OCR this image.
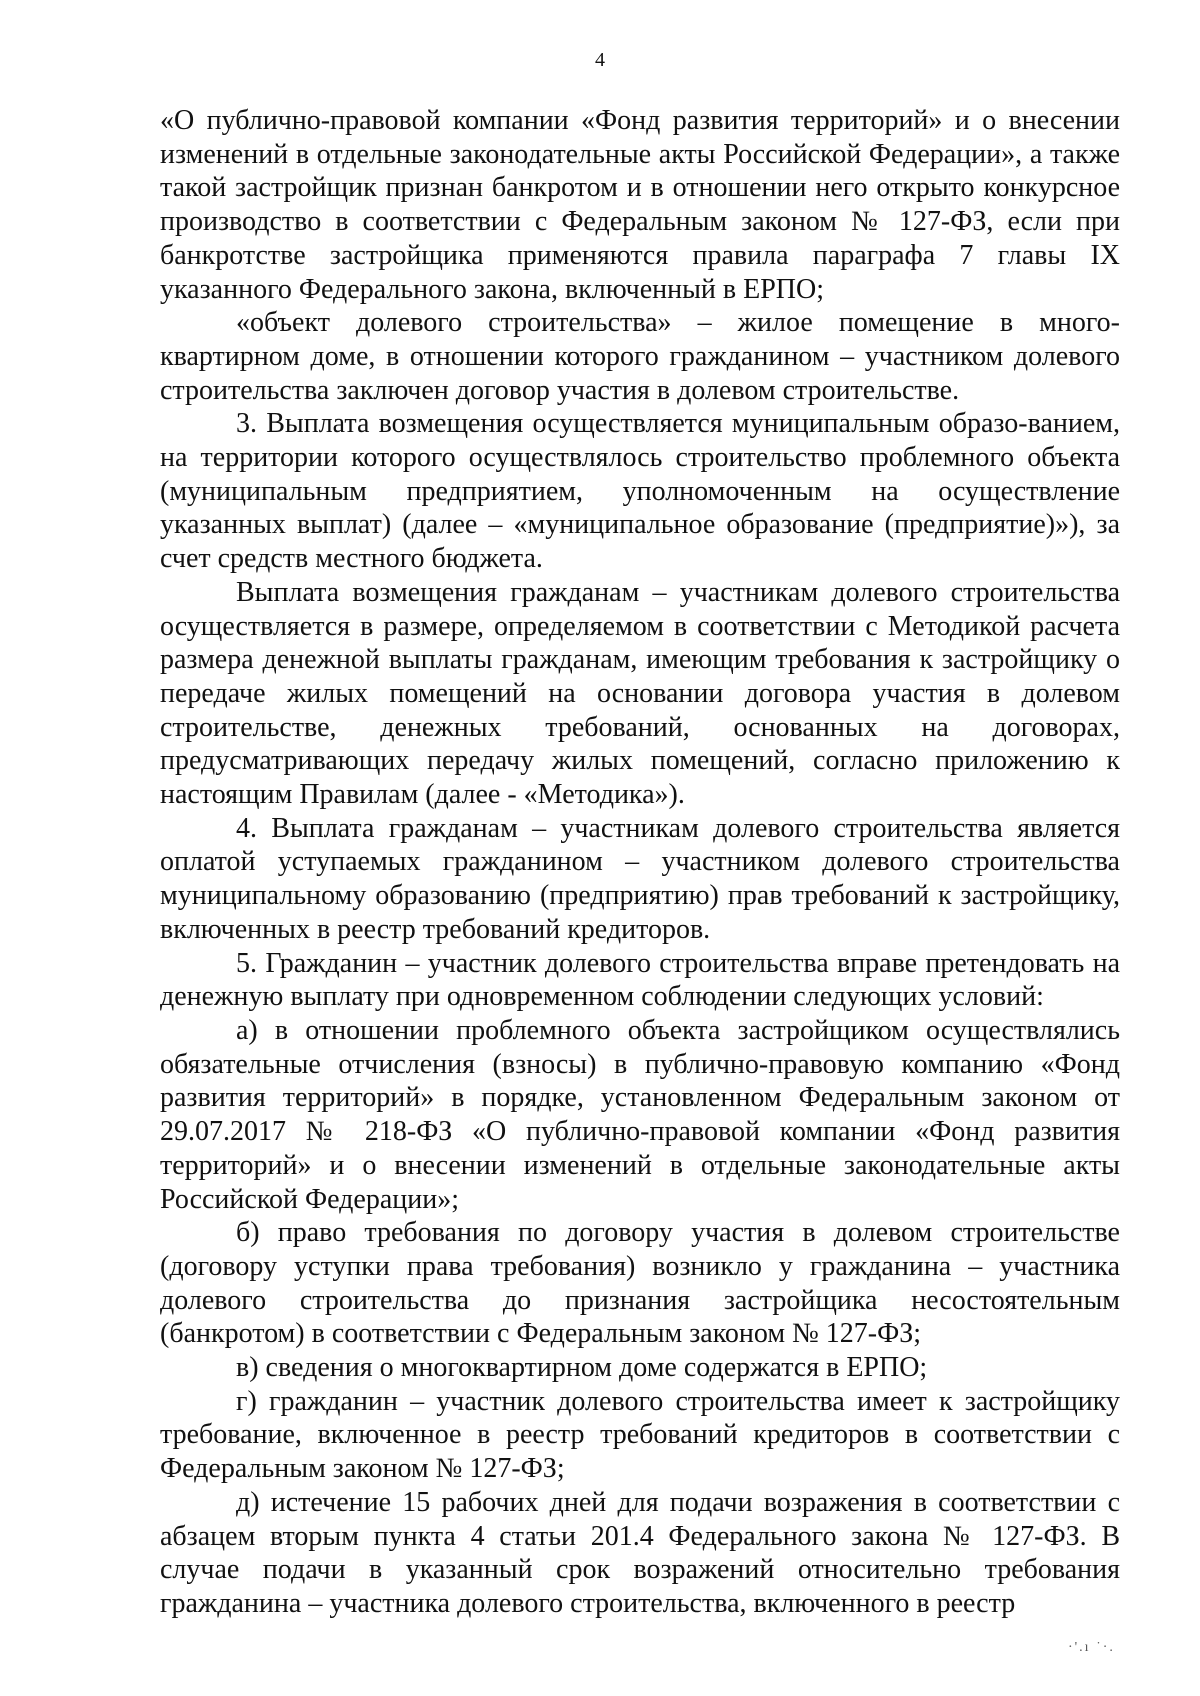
4

«О публично-правовой компании «Фонд развития территорий» и о внесении изменений в отдельные законодательные акты Российской Федерации», а также такой застройщик признан банкротом и в отношении него открыто конкурсное производство в соответствии с Федеральным законом № 127-ФЗ, если при банкротстве застройщика применяются правила параграфа 7 главы IX указанного Федерального закона, включенный в ЕРПО;

«объект долевого строительства» – жилое помещение в много-квартирном доме, в отношении которого гражданином – участником долевого строительства заключен договор участия в долевом строительстве.

3. Выплата возмещения осуществляется муниципальным образо-ванием, на территории которого осуществлялось строительство проблемного объекта (муниципальным предприятием, уполномоченным на осуществление указанных выплат) (далее – «муниципальное образование (предприятие)»), за счет средств местного бюджета.

Выплата возмещения гражданам – участникам долевого строительства осуществляется в размере, определяемом в соответствии с Методикой расчета размера денежной выплаты гражданам, имеющим требования к застройщику о передаче жилых помещений на основании договора участия в долевом строительстве, денежных требований, основанных на договорах, предусматривающих передачу жилых помещений, согласно приложению к настоящим Правилам (далее - «Методика»).

4. Выплата гражданам – участникам долевого строительства является оплатой уступаемых гражданином – участником долевого строительства муниципальному образованию (предприятию) прав требований к застройщику, включенных в реестр требований кредиторов.

5. Гражданин – участник долевого строительства вправе претендовать на денежную выплату при одновременном соблюдении следующих условий:

а) в отношении проблемного объекта застройщиком осуществлялись обязательные отчисления (взносы) в публично-правовую компанию «Фонд развития территорий» в порядке, установленном Федеральным законом от 29.07.2017 № 218-ФЗ «О публично-правовой компании «Фонд развития территорий» и о внесении изменений в отдельные законодательные акты Российской Федерации»;

б) право требования по договору участия в долевом строительстве (договору уступки права требования) возникло у гражданина – участника долевого строительства до признания застройщика несостоятельным (банкротом) в соответствии с Федеральным законом № 127-ФЗ;

в) сведения о многоквартирном доме содержатся в ЕРПО;

г) гражданин – участник долевого строительства имеет к застройщику требование, включенное в реестр требований кредиторов в соответствии с Федеральным законом № 127-ФЗ;

д) истечение 15 рабочих дней для подачи возражения в соответствии с абзацем вторым пункта 4 статьи 201.4 Федерального закона № 127-ФЗ. В случае подачи в указанный срок возражений относительно требования гражданина – участника долевого строительства, включенного в реестр

·'.ı ˙·.
